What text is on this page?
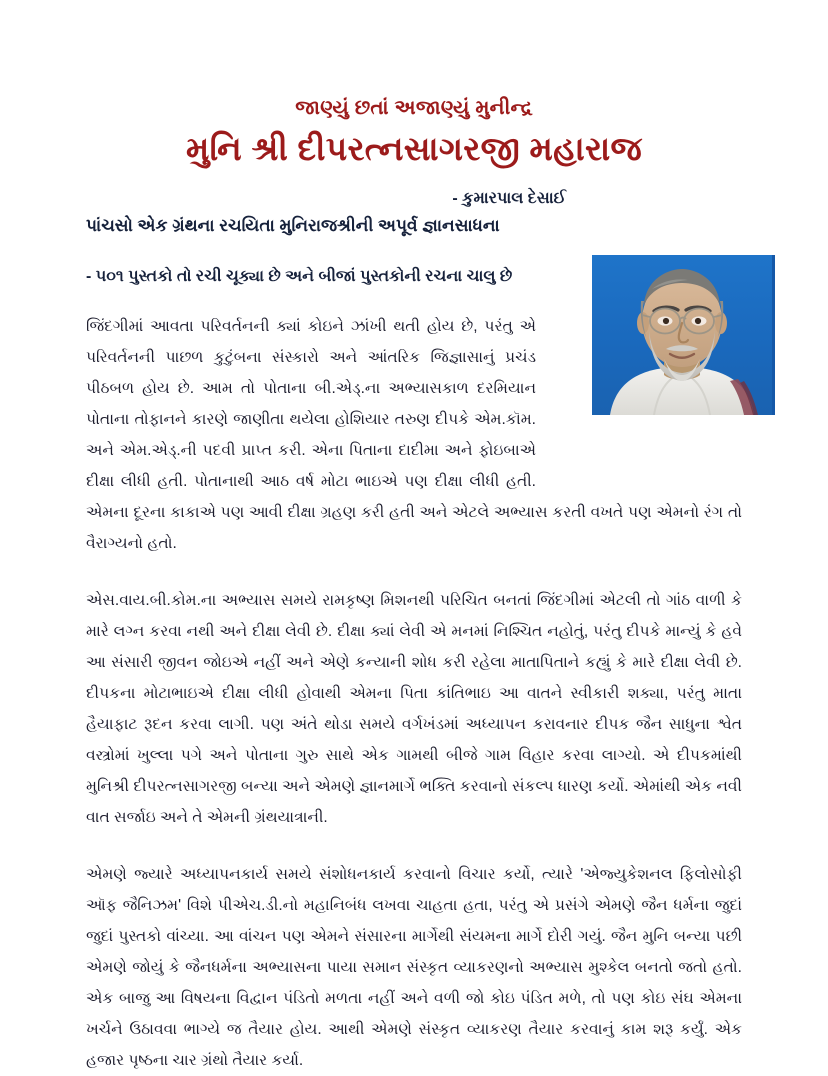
જાણ્યું છતાં અજાણ્યું મુનીન્દ્ર

મુનિ શ્રી દીપરત્નસાગરજી મહારાજ
- કુમારપાલ દેસાઈ

પાંચસો એક ગ્રંથના રચયિતા મુનિરાજશ્રીની અપૂર્વ જ્ઞાનસાધના

- ૫૦૧ પુસ્તકો તો રચી ચૂક્યા છે અને બીજાં પુસ્તકોની રચના ચાલુ છે

જિંદગીમાં આવતા પરિવર્તનની ક્યાં કોઇને ઝાંખી થતી હોય છે, પરંતુ એ પરિવર્તનની પાછળ કુટુંબના સંસ્કારો અને આંતરિક જિજ્ઞાસાનું પ્રચંડ પીઠબળ હોય છે. આમ તો પોતાના બી.એડ્.ના અભ્યાસકાળ દરમિયાન પોતાના તોફાનને કારણે જાણીતા થયેલા હોશિયાર તરુણ દીપકે એમ.કૉમ. અને એમ.એડ્.ની પદવી પ્રાપ્ત કરી. એના પિતાના દાદીમા અને ફોઇબાએ દીક્ષા લીધી હતી. પોતાનાથી આઠ વર્ષ મોટા ભાઇએ પણ દીક્ષા લીધી હતી. એમના દૂરના કાકાએ પણ આવી દીક્ષા ગ્રહણ કરી હતી અને એટલે અભ્યાસ કરતી વખતે પણ એમનો રંગ તો વૈરાગ્યનો હતો.

એસ.વાય.બી.કોમ.ના અભ્યાસ સમયે રામકૃષ્ણ મિશનથી પરિચિત બનતાં જિંદગીમાં એટલી તો ગાંઠ વાળી કે મારે લગ્ન કરવા નથી અને દીક્ષા લેવી છે. દીક્ષા ક્યાં લેવી એ મનમાં નિશ્ચિત નહોતું, પરંતુ દીપકે માન્યું કે હવે આ સંસારી જીવન જોઇએ નહીં અને એણે કન્યાની શોધ કરી રહેલા માતાપિતાને કહ્યું કે મારે દીક્ષા લેવી છે. દીપકના મોટાભાઇએ દીક્ષા લીધી હોવાથી એમના પિતા કાંતિભાઇ આ વાતને સ્વીકારી શક્યા, પરંતુ માતા હૈયાફાટ રૂદન કરવા લાગી. પણ અંતે થોડા સમયે વર્ગખંડમાં અધ્યાપન કરાવનાર દીપક જૈન સાધુના શ્વેત વસ્ત્રોમાં ખુલ્લા પગે અને પોતાના ગુરુ સાથે એક ગામથી બીજે ગામ વિહાર કરવા લાગ્યો. એ દીપકમાંથી મુનિશ્રી દીપરત્નસાગરજી બન્યા અને એમણે જ્ઞાનમાર્ગે ભક્તિ કરવાનો સંકલ્પ ધારણ કર્યો. એમાંથી એક નવી વાત સર્જાઇ અને તે એમની ગ્રંથયાત્રાની.

એમણે જ્યારે અધ્યાપનકાર્ય સમયે સંશોધનકાર્ય કરવાનો વિચાર કર્યો, ત્યારે 'એજ્યુકેશનલ ફિલોસોફી ઑફ જૈનિઝમ' વિશે પીએચ.ડી.નો મહાનિબંધ લખવા ચાહતા હતા, પરંતુ એ પ્રસંગે એમણે જૈન ધર્મના જુદાં જુદાં પુસ્તકો વાંચ્યા. આ વાંચન પણ એમને સંસારના માર્ગેથી સંયમના માર્ગે દોરી ગયું. જૈન મુનિ બન્યા પછી એમણે જોયું કે જૈનધર્મના અભ્યાસના પાયા સમાન સંસ્કૃત વ્યાકરણનો અભ્યાસ મુશ્કેલ બનતો જતો હતો. એક બાજુ આ વિષયના વિદ્વાન પંડિતો મળતા નહીં અને વળી જો કોઇ પંડિત મળે, તો પણ કોઇ સંઘ એમના ખર્ચને ઉઠાવવા ભાગ્યે જ તૈયાર હોય. આથી એમણે સંસ્કૃત વ્યાકરણ તૈયાર કરવાનું કામ શરૂ કર્યું. એક હજાર પૃષ્ઠના ચાર ગ્રંથો તૈયાર કર્યા.
